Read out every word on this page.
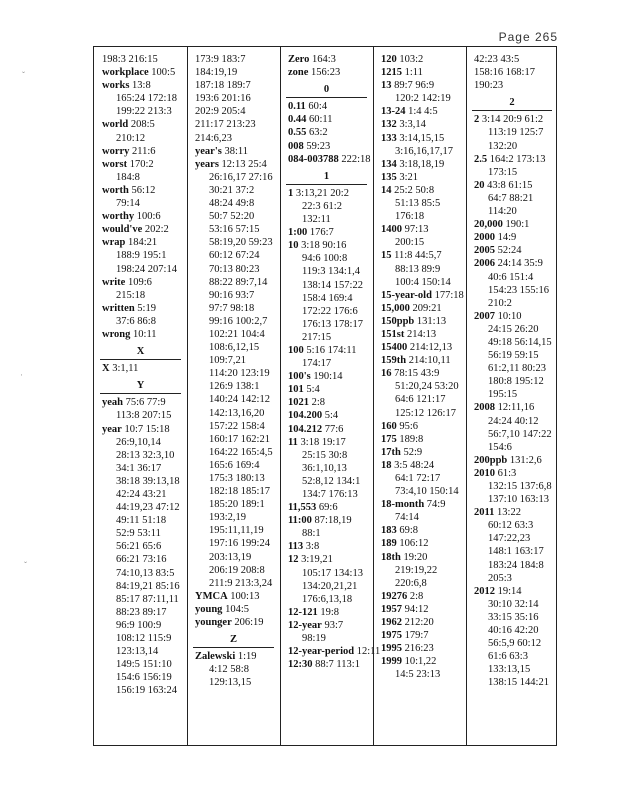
Page 265
ˇ
·
ˇ
198:3 216:15
workplace 100:5
works 13:8
165:24 172:18
199:22 213:3
world 208:5
210:12
worry 211:6
worst 170:2
184:8
worth 56:12
79:14
worthy 100:6
would've 202:2
wrap 184:21
188:9 195:1
198:24 207:14
write 109:6
215:18
written 5:19
37:6 86:8
wrong 10:11
X
X 3:1,11
Y
yeah 75:6 77:9
113:8 207:15
year 10:7 15:18
26:9,10,14
28:13 32:3,10
34:1 36:17
38:18 39:13,18
42:24 43:21
44:19,23 47:12
49:11 51:18
52:9 53:11
56:21 65:6
66:21 73:16
74:10,13 83:5
84:19,21 85:16
85:17 87:11,11
88:23 89:17
96:9 100:9
108:12 115:9
123:13,14
149:5 151:10
154:6 156:19
156:19 163:24
173:9 183:7
184:19,19
187:18 189:7
193:6 201:16
202:9 205:4
211:17 213:23
214:6,23
year's 38:11
years 12:13 25:4
26:16,17 27:16
30:21 37:2
48:24 49:8
50:7 52:20
53:16 57:15
58:19,20 59:23
60:12 67:24
70:13 80:23
88:22 89:7,14
90:16 93:7
97:7 98:18
99:16 100:2,7
102:21 104:4
108:6,12,15
109:7,21
114:20 123:19
126:9 138:1
140:24 142:12
142:13,16,20
157:22 158:4
160:17 162:21
164:22 165:4,5
165:6 169:4
175:3 180:13
182:18 185:17
185:20 189:1
193:2,19
195:11,11,19
197:16 199:24
203:13,19
206:19 208:8
211:9 213:3,24
YMCA 100:13
young 104:5
younger 206:19
Z
Zalewski 1:19
4:12 58:8
129:13,15
Zero 164:3
zone 156:23
0
0.11 60:4
0.44 60:11
0.55 63:2
008 59:23
084-003788 222:18
1
1 3:13,21 20:2
22:3 61:2
132:11
1:00 176:7
10 3:18 90:16
94:6 100:8
119:3 134:1,4
138:14 157:22
158:4 169:4
172:22 176:6
176:13 178:17
217:15
100 5:16 174:11
174:17
100's 190:14
101 5:4
1021 2:8
104.200 5:4
104.212 77:6
11 3:18 19:17
25:15 30:8
36:1,10,13
52:8,12 134:1
134:7 176:13
11,553 69:6
11:00 87:18,19
88:1
113 3:8
12 3:19,21
105:17 134:13
134:20,21,21
176:6,13,18
12-121 19:8
12-year 93:7
98:19
12-year-period 12:11
12:30 88:7 113:1
120 103:2
1215 1:11
13 89:7 96:9
120:2 142:19
13-24 1:4 4:5
132 3:3,14
133 3:14,15,15
3:16,16,17,17
134 3:18,18,19
135 3:21
14 25:2 50:8
51:13 85:5
176:18
1400 97:13
200:15
15 11:8 44:5,7
88:13 89:9
100:4 150:14
15-year-old 177:18
15,000 209:21
150ppb 131:13
151st 214:13
15400 214:12,13
159th 214:10,11
16 78:15 43:9
51:20,24 53:20
64:6 121:17
125:12 126:17
160 95:6
175 189:8
17th 52:9
18 3:5 48:24
64:1 72:17
73:4,10 150:14
18-month 74:9
74:14
183 69:8
189 106:12
18th 19:20
219:19,22
220:6,8
19276 2:8
1957 94:12
1962 212:20
1975 179:7
1995 216:23
1999 10:1,22
14:5 23:13
42:23 43:5
158:16 168:17
190:23
2
2 3:14 20:9 61:2
113:19 125:7
132:20
2.5 164:2 173:13
173:15
20 43:8 61:15
64:7 88:21
114:20
20,000 190:1
2000 14:9
2005 52:24
2006 24:14 35:9
40:6 151:4
154:23 155:16
210:2
2007 10:10
24:15 26:20
49:18 56:14,15
56:19 59:15
61:2,11 80:23
180:8 195:12
195:15
2008 12:11,16
24:24 40:12
56:7,10 147:22
154:6
200ppb 131:2,6
2010 61:3
132:15 137:6,8
137:10 163:13
2011 13:22
60:12 63:3
147:22,23
148:1 163:17
183:24 184:8
205:3
2012 19:14
30:10 32:14
33:15 35:16
40:16 42:20
56:5,9 60:12
61:6 63:3
133:13,15
138:15 144:21
